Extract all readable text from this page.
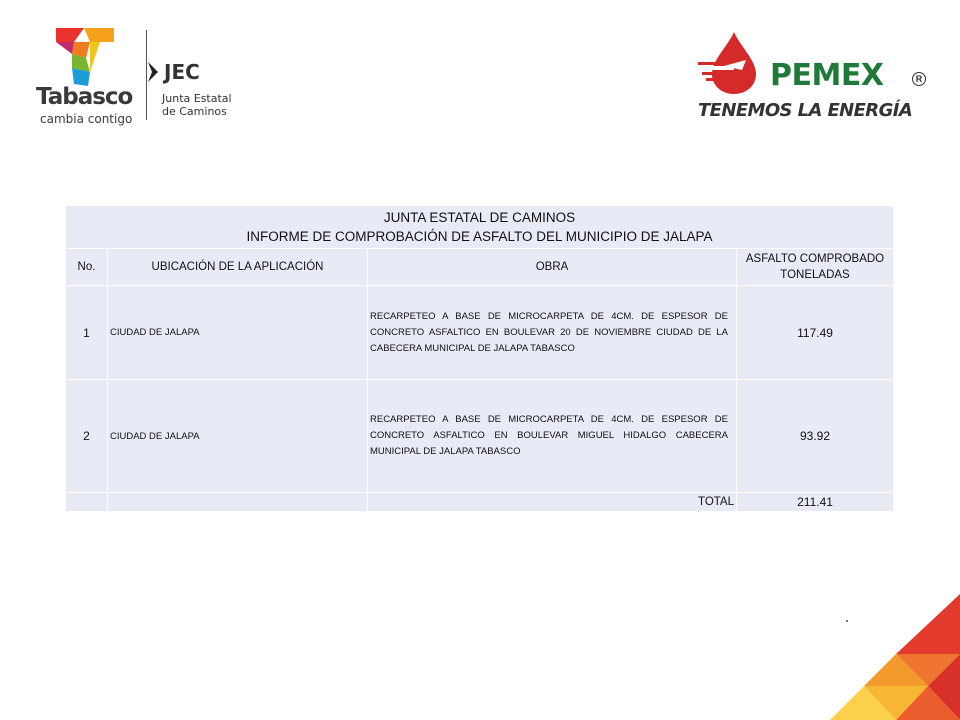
Tabasco
cambia contigo
JEC
Junta Estatal
de Caminos
PEMEX	R
TENEMOS LA ENERGÍA
JUNTA ESTATAL DE CAMINOS
INFORME DE COMPROBACIÓN DE ASFALTO DEL MUNICIPIO DE JALAPA			

No.	UBICACIÓN DE LA APLICACIÓN	OBRA	ASFALTO COMPROBADO
TONELADAS

1	CIUDAD DE JALAPA	RECARPETEO A BASE DE MICROCARPETA DE 4CM. DE ESPESOR DE CONCRETO ASFALTICO EN BOULEVAR 20 DE NOVIEMBRE CIUDAD DE LA CABECERA MUNICIPAL DE JALAPA TABASCO	117.49
2	CIUDAD DE JALAPA	RECARPETEO A BASE DE MICROCARPETA DE 4CM. DE ESPESOR DE CONCRETO ASFALTICO EN BOULEVAR MIGUEL HIDALGO CABECERA MUNICIPAL DE JALAPA TABASCO	93.92
		TOTAL	211.41
